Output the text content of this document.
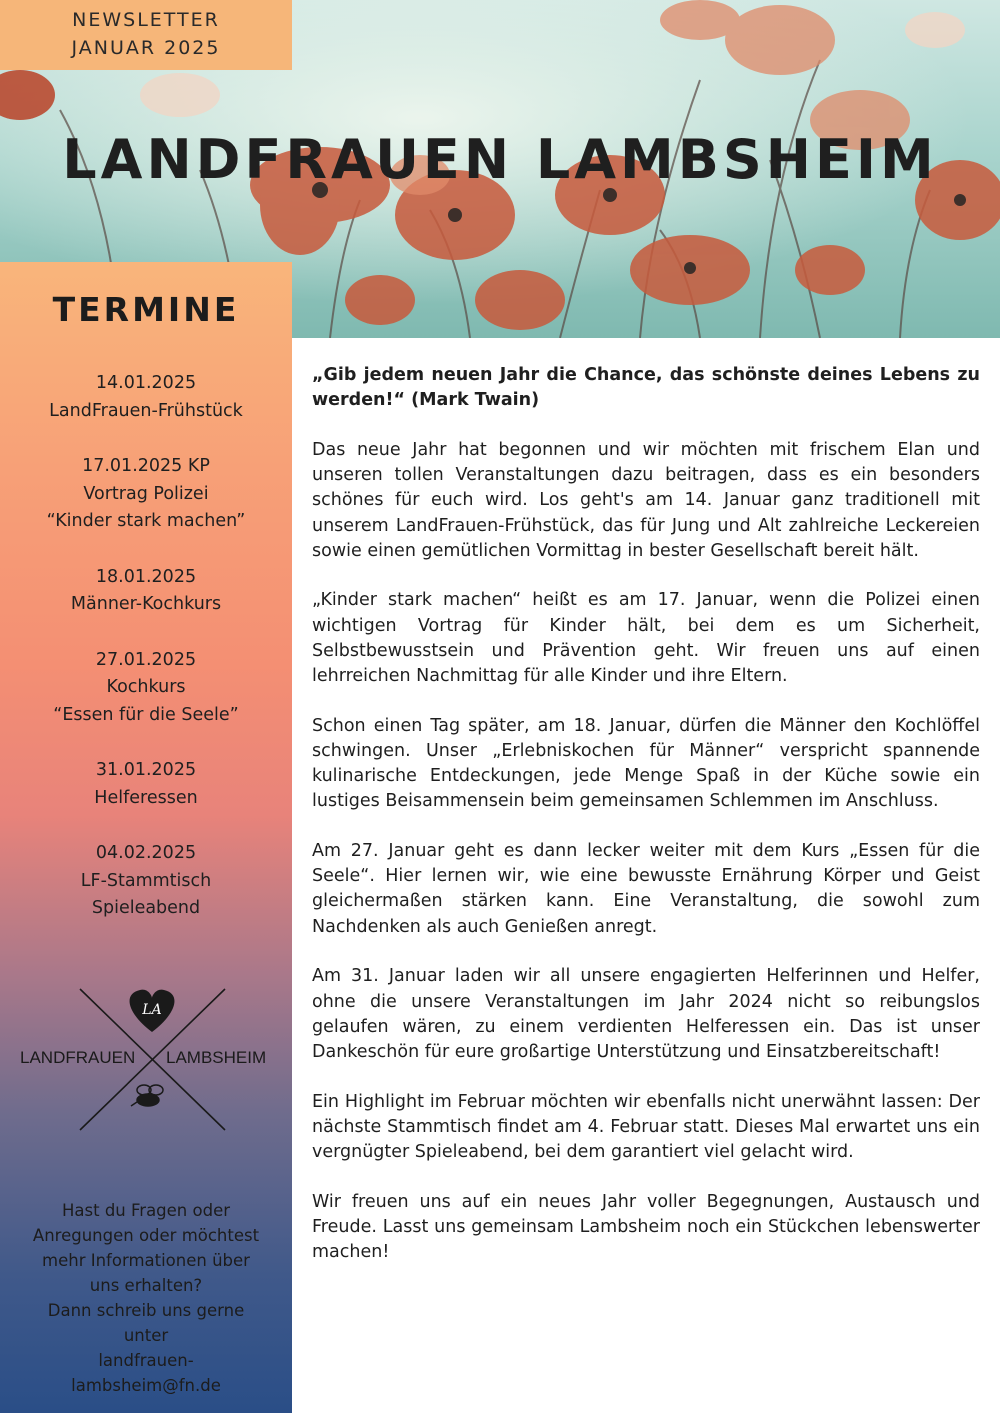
LANDFRAUEN LAMBSHEIM
NEWSLETTER
JANUAR 2025
TERMINE
14.01.2025
LandFrauen-Frühstück
17.01.2025 KP
Vortrag Polizei
“Kinder stark machen”
18.01.2025
Männer-Kochkurs
27.01.2025
Kochkurs
“Essen für die Seele”
31.01.2025
Helferessen
04.02.2025
LF-Stammtisch
Spieleabend
LA
LANDFRAUEN LAMBSHEIM
Hast du Fragen oder
Anregungen oder möchtest
mehr Informationen über
uns erhalten?
Dann schreib uns gerne
unter
landfrauen-
lambsheim@fn.de

„Gib jedem neuen Jahr die Chance, das schönste deines Lebens zu werden!“ (Mark Twain)

Das neue Jahr hat begonnen und wir möchten mit frischem Elan und unseren tollen Veranstaltungen dazu beitragen, dass es ein besonders schönes für euch wird. Los geht's am 14. Januar ganz traditionell mit unserem LandFrauen-Frühstück, das für Jung und Alt zahlreiche Leckereien sowie einen gemütlichen Vormittag in bester Gesellschaft bereit hält.

„Kinder stark machen“ heißt es am 17. Januar, wenn die Polizei einen wichtigen Vortrag für Kinder hält, bei dem es um Sicherheit, Selbstbewusstsein und Prävention geht. Wir freuen uns auf einen lehrreichen Nachmittag für alle Kinder und ihre Eltern.

Schon einen Tag später, am 18. Januar, dürfen die Männer den Kochlöffel schwingen. Unser „Erlebniskochen für Männer“ verspricht spannende kulinarische Entdeckungen, jede Menge Spaß in der Küche sowie ein lustiges Beisammensein beim gemeinsamen Schlemmen im Anschluss.

Am 27. Januar geht es dann lecker weiter mit dem Kurs „Essen für die Seele“. Hier lernen wir, wie eine bewusste Ernährung Körper und Geist gleichermaßen stärken kann. Eine Veranstaltung, die sowohl zum Nachdenken als auch Genießen anregt.

Am 31. Januar laden wir all unsere engagierten Helferinnen und Helfer, ohne die unsere Veranstaltungen im Jahr 2024 nicht so reibungslos gelaufen wären, zu einem verdienten Helferessen ein. Das ist unser Dankeschön für eure großartige Unterstützung und Einsatzbereitschaft!

Ein Highlight im Februar möchten wir ebenfalls nicht unerwähnt lassen: Der nächste Stammtisch findet am 4. Februar statt. Dieses Mal erwartet uns ein vergnügter Spieleabend, bei dem garantiert viel gelacht wird.

Wir freuen uns auf ein neues Jahr voller Begegnungen, Austausch und Freude. Lasst uns gemeinsam Lambsheim noch ein Stückchen lebenswerter machen!
